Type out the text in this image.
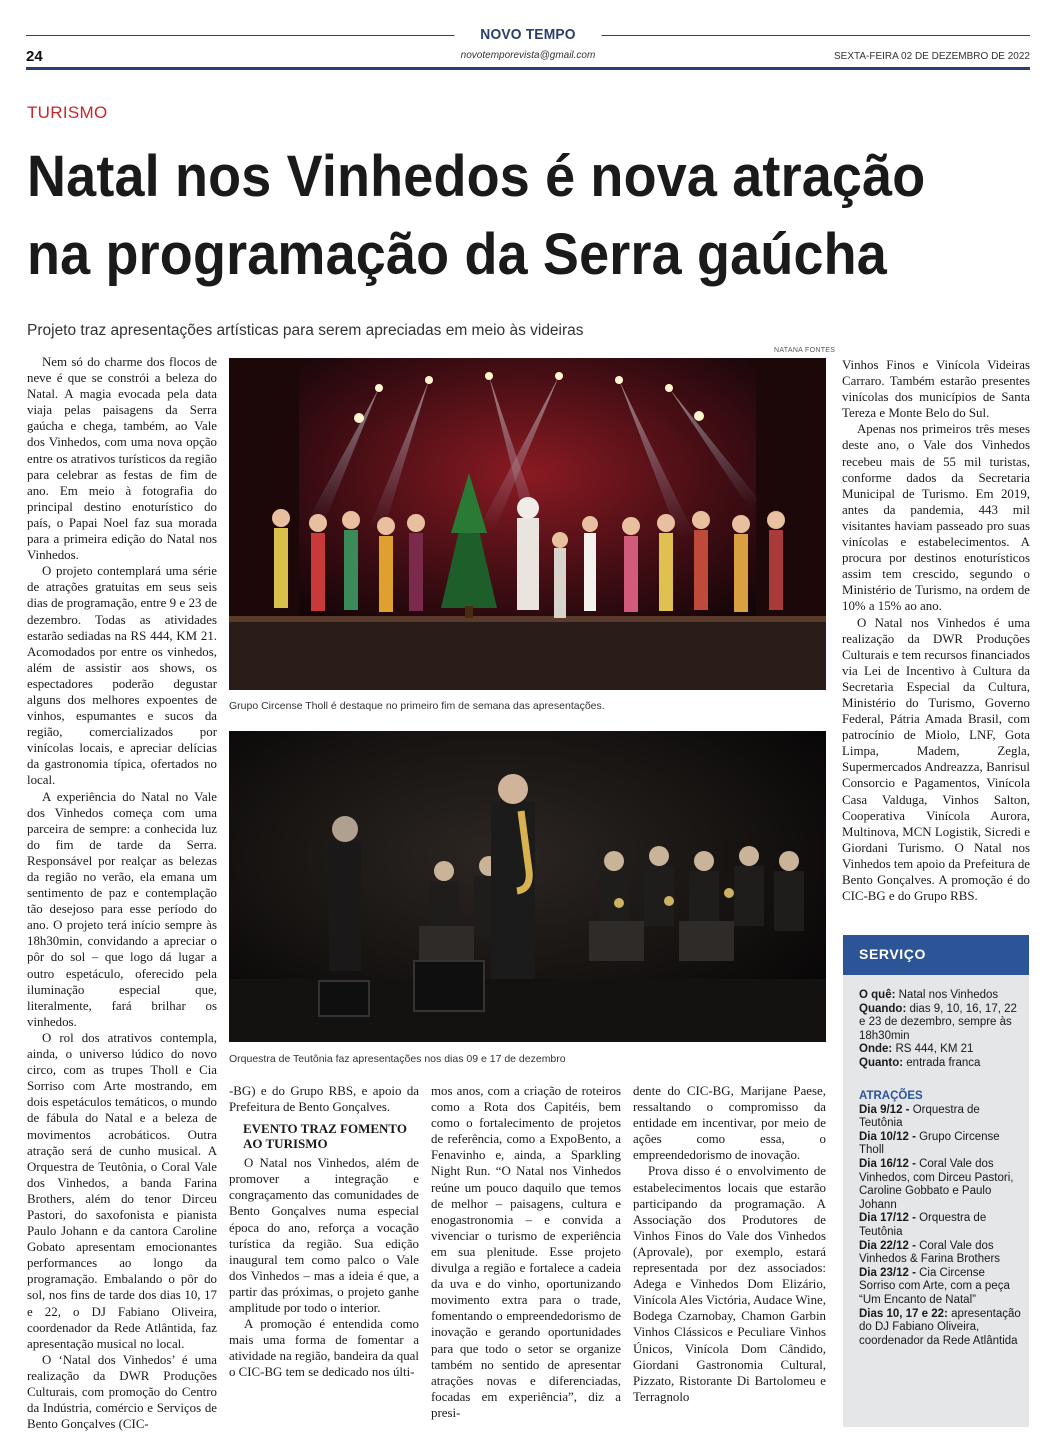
NOVO TEMPO
novotemporevista@gmail.com
24	SEXTA-FEIRA 02 DE DEZEMBRO DE 2022
TURISMO
Natal nos Vinhedos é nova atração
na programação da Serra gaúcha
Projeto traz apresentações artísticas para serem apreciadas em meio às videiras

Nem só do charme dos flocos de neve é que se constrói a beleza do Natal. A magia evocada pela data viaja pelas paisagens da Serra gaúcha e chega, também, ao Vale dos Vinhedos, com uma nova opção entre os atrativos turísticos da região para celebrar as festas de fim de ano. Em meio à fotografia do principal destino enoturístico do país, o Papai Noel faz sua morada para a primeira edição do Natal nos Vinhedos.

O projeto contemplará uma série de atrações gratuitas em seus seis dias de programação, entre 9 e 23 de dezembro. Todas as atividades estarão sediadas na RS 444, KM 21. Acomodados por entre os vinhedos, além de assistir aos shows, os espectadores poderão degustar alguns dos melhores expoentes de vinhos, espumantes e sucos da região, comercializados por vinícolas locais, e apreciar delícias da gastronomia típica, ofertados no local.

A experiência do Natal no Vale dos Vinhedos começa com uma parceira de sempre: a conhecida luz do fim de tarde da Serra. Responsável por realçar as belezas da região no verão, ela emana um sentimento de paz e contemplação tão desejoso para esse período do ano. O projeto terá início sempre às 18h30min, convidando a apreciar o pôr do sol – que logo dá lugar a outro espetáculo, oferecido pela iluminação especial que, literalmente, fará brilhar os vinhedos.

O rol dos atrativos contempla, ainda, o universo lúdico do novo circo, com as trupes Tholl e Cia Sorriso com Arte mostrando, em dois espetáculos temáticos, o mundo de fábula do Natal e a beleza de movimentos acrobáticos. Outra atração será de cunho musical. A Orquestra de Teutônia, o Coral Vale dos Vinhedos, a banda Farina Brothers, além do tenor Dirceu Pastori, do saxofonista e pianista Paulo Johann e da cantora Caroline Gobato apresentam emocionantes performances ao longo da programação. Embalando o pôr do sol, nos fins de tarde dos dias 10, 17 e 22, o DJ Fabiano Oliveira, coordenador da Rede Atlântida, faz apresentação musical no local.

O ‘Natal dos Vinhedos’ é uma realização da DWR Produções Culturais, com promoção do Centro da Indústria, comércio e Serviços de Bento Gonçalves (CIC-

NATANA FONTES
Grupo Circense Tholl é destaque no primeiro fim de semana das apresentações.
Orquestra de Teutônia faz apresentações nos dias 09 e 17 de dezembro

-BG) e do Grupo RBS, e apoio da Prefeitura de Bento Gonçalves.

EVENTO TRAZ FOMENTO AO TURISMO

O Natal nos Vinhedos, além de promover a integração e congraçamento das comunidades de Bento Gonçalves numa especial época do ano, reforça a vocação turística da região. Sua edição inaugural tem como palco o Vale dos Vinhedos – mas a ideia é que, a partir das próximas, o projeto ganhe amplitude por todo o interior.

A promoção é entendida como mais uma forma de fomentar a atividade na região, bandeira da qual o CIC-BG tem se dedicado nos últi-

mos anos, com a criação de roteiros como a Rota dos Capitéis, bem como o fortalecimento de projetos de referência, como a ExpoBento, a Fenavinho e, ainda, a Sparkling Night Run. “O Natal nos Vinhedos reúne um pouco daquilo que temos de melhor – paisagens, cultura e enogastronomia – e convida a vivenciar o turismo de experiência em sua plenitude. Esse projeto divulga a região e fortalece a cadeia da uva e do vinho, oportunizando movimento extra para o trade, fomentando o empreendedorismo de inovação e gerando oportunidades para que todo o setor se organize também no sentido de apresentar atrações novas e diferenciadas, focadas em experiência”, diz a presi-

dente do CIC-BG, Marijane Paese, ressaltando o compromisso da entidade em incentivar, por meio de ações como essa, o empreendedorismo de inovação.

Prova disso é o envolvimento de estabelecimentos locais que estarão participando da programação. A Associação dos Produtores de Vinhos Finos do Vale dos Vinhedos (Aprovale), por exemplo, estará representada por dez associados: Adega e Vinhedos Dom Elizário, Vinícola Ales Victória, Audace Wine, Bodega Czarnobay, Chamon Garbin Vinhos Clássicos e Peculiare Vinhos Únicos, Vinícola Dom Cândido, Giordani Gastronomia Cultural, Pizzato, Ristorante Di Bartolomeu e Terragnolo

Vinhos Finos e Vinícola Videiras Carraro. Também estarão presentes vinícolas dos municípios de Santa Tereza e Monte Belo do Sul.

Apenas nos primeiros três meses deste ano, o Vale dos Vinhedos recebeu mais de 55 mil turistas, conforme dados da Secretaria Municipal de Turismo. Em 2019, antes da pandemia, 443 mil visitantes haviam passeado pro suas vinícolas e estabelecimentos. A procura por destinos enoturísticos assim tem crescido, segundo o Ministério de Turismo, na ordem de 10% a 15% ao ano.

O Natal nos Vinhedos é uma realização da DWR Produções Culturais e tem recursos financiados via Lei de Incentivo à Cultura da Secretaria Especial da Cultura, Ministério do Turismo, Governo Federal, Pátria Amada Brasil, com patrocínio de Miolo, LNF, Gota Limpa, Madem, Zegla, Supermercados Andreazza, Banrisul Consorcio e Pagamentos, Vinícola Casa Valduga, Vinhos Salton, Cooperativa Vinícola Aurora, Multinova, MCN Logistik, Sicredi e Giordani Turismo. O Natal nos Vinhedos tem apoio da Prefeitura de Bento Gonçalves. A promoção é do CIC-BG e do Grupo RBS.

SERVIÇO
O quê: Natal nos Vinhedos
Quando: dias 9, 10, 16, 17, 22 e 23 de dezembro, sempre às 18h30min
Onde: RS 444, KM 21
Quanto: entrada franca
ATRAÇÕES
Dia 9/12 - Orquestra de Teutônia
Dia 10/12 - Grupo Circense Tholl
Dia 16/12 - Coral Vale dos Vinhedos, com Dirceu Pastori, Caroline Gobbato e Paulo Johann
Dia 17/12 - Orquestra de Teutônia
Dia 22/12 - Coral Vale dos Vinhedos & Farina Brothers
Dia 23/12 - Cia Circense Sorriso com Arte, com a peça “Um Encanto de Natal”
Dias 10, 17 e 22: apresentação do DJ Fabiano Oliveira, coordenador da Rede Atlântida
